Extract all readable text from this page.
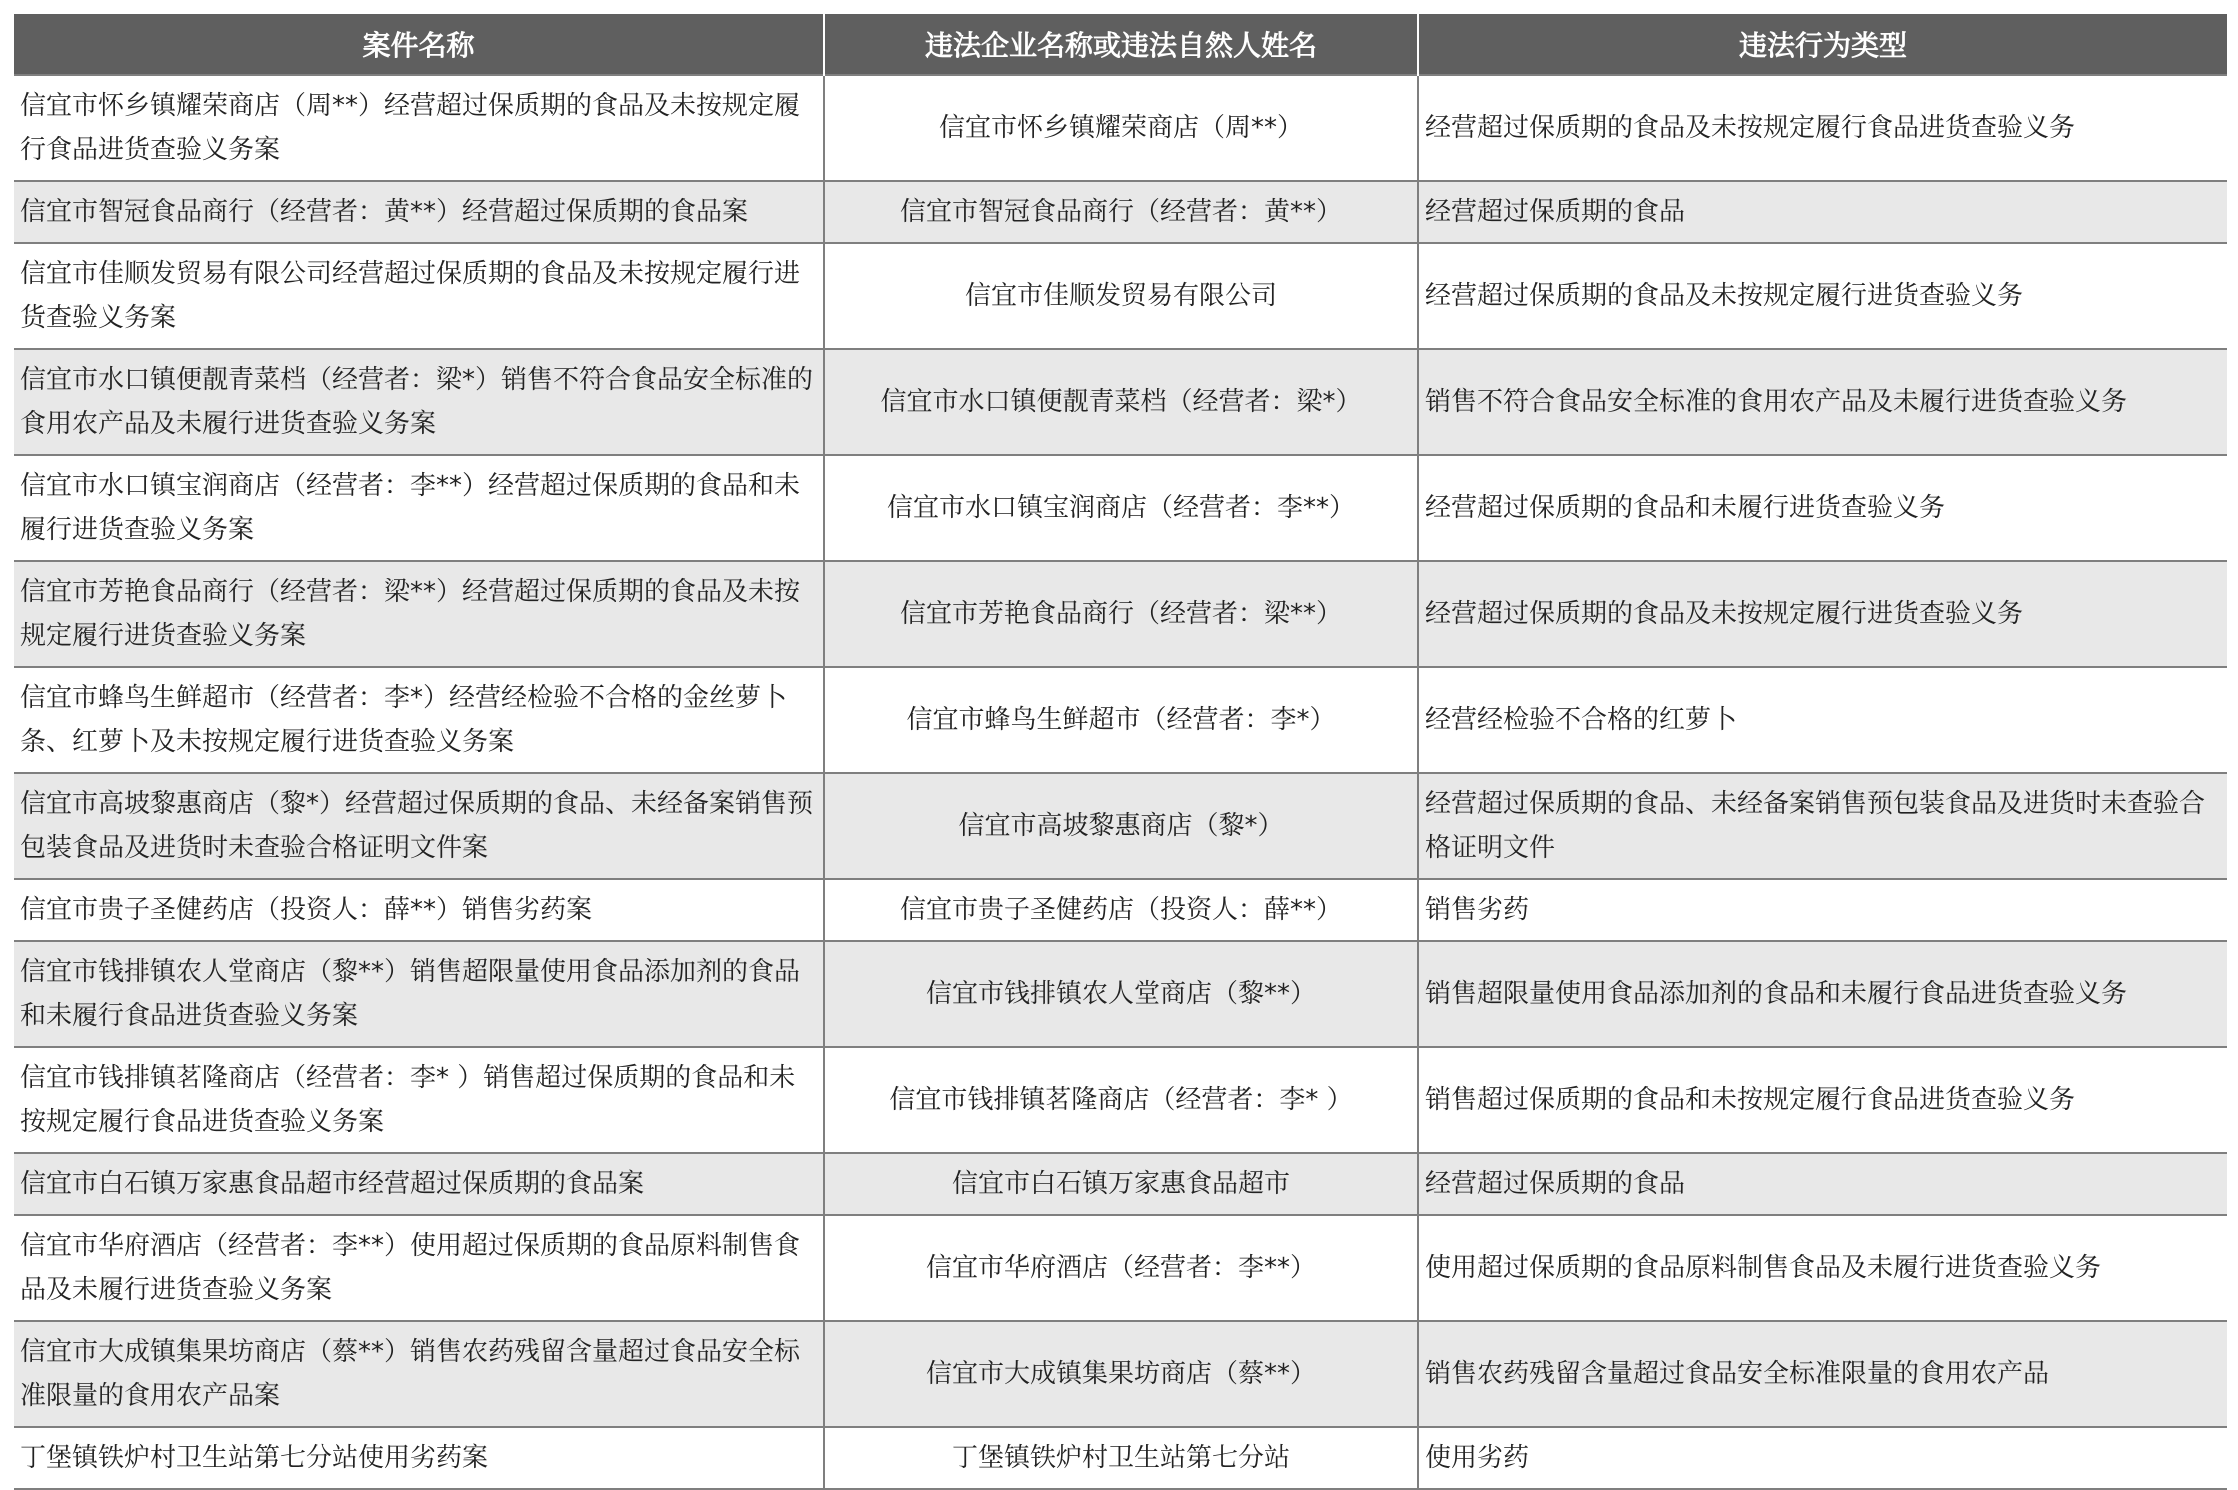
案件名称	违法企业名称或违法自然人姓名	违法行为类型
信宜市怀乡镇耀荣商店（周**）经营超过保质期的食品及未按规定履行食品进货查验义务案	信宜市怀乡镇耀荣商店（周**）	经营超过保质期的食品及未按规定履行食品进货查验义务
信宜市智冠食品商行（经营者：黄**）经营超过保质期的食品案	信宜市智冠食品商行（经营者：黄**）	经营超过保质期的食品
信宜市佳顺发贸易有限公司经营超过保质期的食品及未按规定履行进货查验义务案	信宜市佳顺发贸易有限公司	经营超过保质期的食品及未按规定履行进货查验义务
信宜市水口镇便靓青菜档（经营者：梁*）销售不符合食品安全标准的食用农产品及未履行进货查验义务案	信宜市水口镇便靓青菜档（经营者：梁*）	销售不符合食品安全标准的食用农产品及未履行进货查验义务
信宜市水口镇宝润商店（经营者：李**）经营超过保质期的食品和未履行进货查验义务案	信宜市水口镇宝润商店（经营者：李**）	经营超过保质期的食品和未履行进货查验义务
信宜市芳艳食品商行（经营者：梁**）经营超过保质期的食品及未按规定履行进货查验义务案	信宜市芳艳食品商行（经营者：梁**）	经营超过保质期的食品及未按规定履行进货查验义务
信宜市蜂鸟生鲜超市（经营者：李*）经营经检验不合格的金丝萝卜条、红萝卜及未按规定履行进货查验义务案	信宜市蜂鸟生鲜超市（经营者：李*）	经营经检验不合格的红萝卜
信宜市高坡黎惠商店（黎*）经营超过保质期的食品、未经备案销售预包装食品及进货时未查验合格证明文件案	信宜市高坡黎惠商店（黎*）	经营超过保质期的食品、未经备案销售预包装食品及进货时未查验合格证明文件
信宜市贵子圣健药店（投资人：薛**）销售劣药案	信宜市贵子圣健药店（投资人：薛**）	销售劣药
信宜市钱排镇农人堂商店（黎**）销售超限量使用食品添加剂的食品和未履行食品进货查验义务案	信宜市钱排镇农人堂商店（黎**）	销售超限量使用食品添加剂的食品和未履行食品进货查验义务
信宜市钱排镇茗隆商店（经营者：李* ）销售超过保质期的食品和未按规定履行食品进货查验义务案	信宜市钱排镇茗隆商店（经营者：李* ）	销售超过保质期的食品和未按规定履行食品进货查验义务
信宜市白石镇万家惠食品超市经营超过保质期的食品案	信宜市白石镇万家惠食品超市	经营超过保质期的食品
信宜市华府酒店（经营者：李**）使用超过保质期的食品原料制售食品及未履行进货查验义务案	信宜市华府酒店（经营者：李**）	使用超过保质期的食品原料制售食品及未履行进货查验义务
信宜市大成镇集果坊商店（蔡**）销售农药残留含量超过食品安全标准限量的食用农产品案	信宜市大成镇集果坊商店（蔡**）	销售农药残留含量超过食品安全标准限量的食用农产品
丁堡镇铁炉村卫生站第七分站使用劣药案	丁堡镇铁炉村卫生站第七分站	使用劣药
